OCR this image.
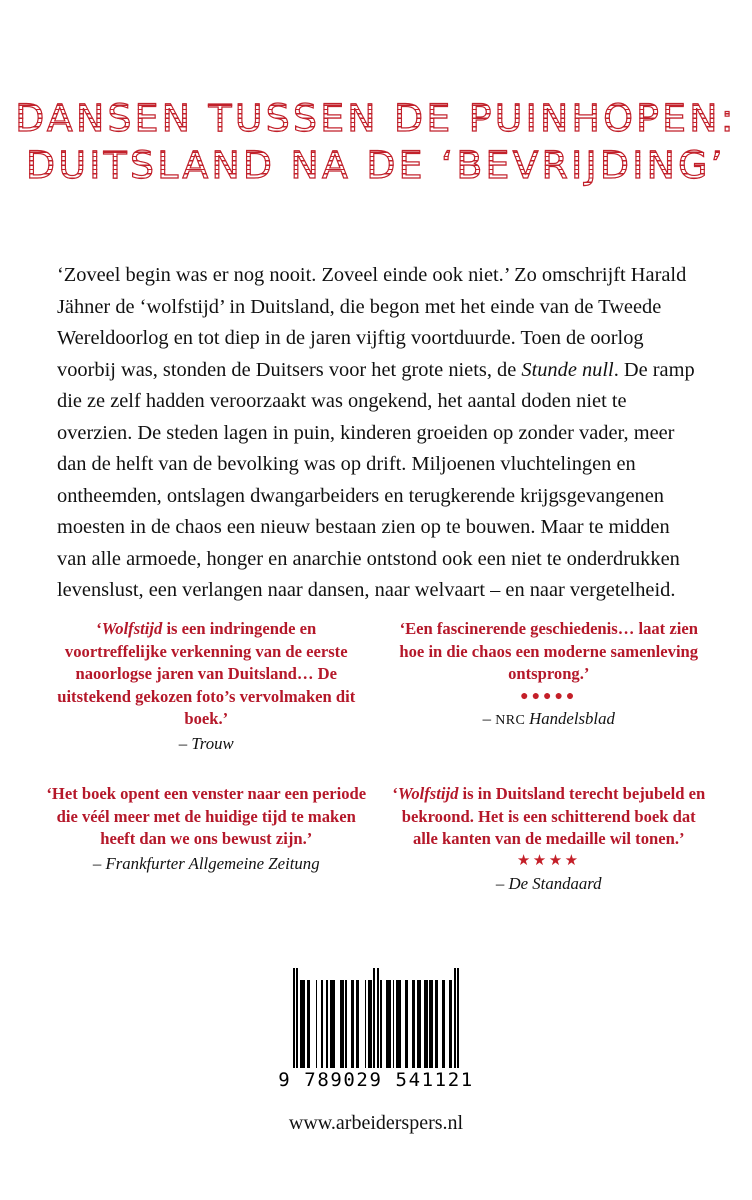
DANSEN TUSSEN DE PUINHOPEN:
DUITSLAND NA DE ‘BEVRIJDING’

‘Zoveel begin was er nog nooit. Zoveel einde ook niet.’ Zo omschrijft Harald Jähner de ‘wolfstijd’ in Duitsland, die begon met het einde van de Tweede Wereldoorlog en tot diep in de jaren vijftig voortduurde. Toen de oorlog voorbij was, stonden de Duitsers voor het grote niets, de Stunde null. De ramp die ze zelf hadden veroorzaakt was ongekend, het aantal doden niet te overzien. De steden lagen in puin, kinderen groeiden op zonder vader, meer dan de helft van de bevolking was op drift. Miljoenen vluchtelingen en ontheemden, ontslagen dwangarbeiders en terugkerende krijgsgevangenen moesten in de chaos een nieuw bestaan zien op te bouwen. Maar te midden van alle armoede, honger en anarchie ontstond ook een niet te onderdrukken levenslust, een verlangen naar dansen, naar welvaart – en naar vergetelheid.

‘Wolfstijd is een indringende en voortreffelijke verkenning van de eerste naoorlogse jaren van Duitsland… De uitstekend gekozen foto’s vervolmaken dit boek.’
– Trouw
‘Een fascinerende geschiedenis… laat zien hoe in die chaos een moderne samenleving ontsprong.’
●●●●●
– NRC Handelsblad
‘Het boek opent een venster naar een periode die véél meer met de huidige tijd te maken heeft dan we ons bewust zijn.’
– Frankfurter Allgemeine Zeitung
‘Wolfstijd is in Duitsland terecht bejubeld en bekroond. Het is een schitterend boek dat alle kanten van de medaille wil tonen.’
★★★★
– De Standaard
9 789029 541121
www.arbeiderspers.nl
